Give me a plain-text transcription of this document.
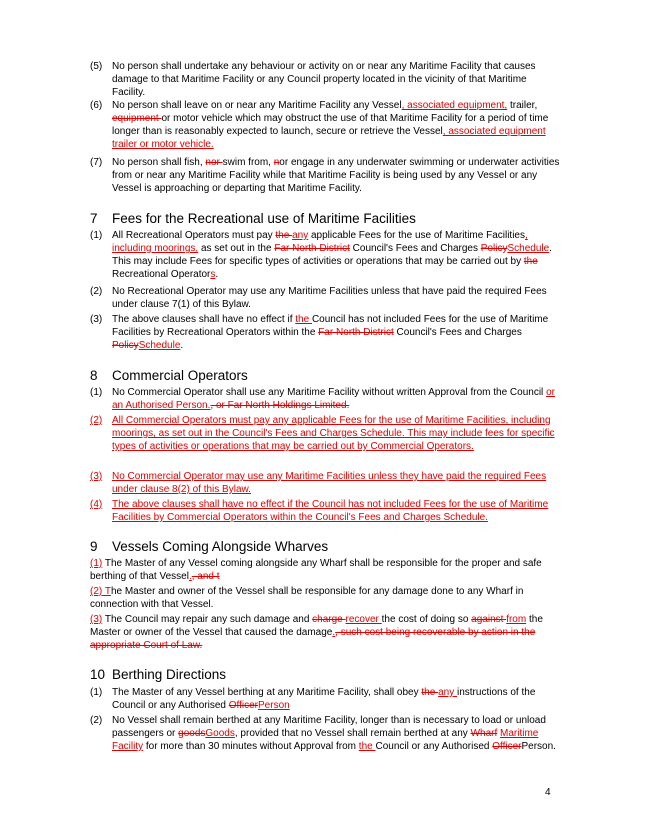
(5) No person shall undertake any behaviour or activity on or near any Maritime Facility that causes damage to that Maritime Facility or any Council property located in the vicinity of that Maritime Facility.
(6) No person shall leave on or near any Maritime Facility any Vessel, associated equipment, trailer, equipment or motor vehicle which may obstruct the use of that Maritime Facility for a period of time longer than is reasonably expected to launch, secure or retrieve the Vessel, associated equipment trailer or motor vehicle.
(7) No person shall fish, nor swim from, nor engage in any underwater swimming or underwater activities from or near any Maritime Facility while that Maritime Facility is being used by any Vessel or any Vessel is approaching or departing that Maritime Facility.
7 Fees for the Recreational use of Maritime Facilities
(1) All Recreational Operators must pay the any applicable Fees for the use of Maritime Facilities, including moorings, as set out in the Far North District Council's Fees and Charges PolicySchedule. This may include Fees for specific types of activities or operations that may be carried out by the Recreational Operators.
(2) No Recreational Operator may use any Maritime Facilities unless that have paid the required Fees under clause 7(1) of this Bylaw.
(3) The above clauses shall have no effect if the Council has not included Fees for the use of Maritime Facilities by Recreational Operators within the Far North District Council's Fees and Charges PolicySchedule.
8 Commercial Operators
(1) No Commercial Operator shall use any Maritime Facility without written Approval from the Council or an Authorised Person., or Far North Holdings Limited.
(2) All Commercial Operators must pay any applicable Fees for the use of Maritime Facilities, including moorings, as set out in the Council's Fees and Charges Schedule. This may include fees for specific types of activities or operations that may be carried out by Commercial Operators.
(3) No Commercial Operator may use any Maritime Facilities unless they have paid the required Fees under clause 8(2) of this Bylaw.
(4) The above clauses shall have no effect if the Council has not included Fees for the use of Maritime Facilities by Commercial Operators within the Council's Fees and Charges Schedule.
9 Vessels Coming Alongside Wharves
(1) The Master of any Vessel coming alongside any Wharf shall be responsible for the proper and safe berthing of that Vessel., and t
(2) The Master and owner of the Vessel shall be responsible for any damage done to any Wharf in connection with that Vessel.
(3) The Council may repair any such damage and charge recover the cost of doing so against from the Master or owner of the Vessel that caused the damage., such cost being recoverable by action in the appropriate Court of Law.
10 Berthing Directions
(1) The Master of any Vessel berthing at any Maritime Facility, shall obey the any instructions of the Council or any Authorised OfficerPerson
(2) No Vessel shall remain berthed at any Maritime Facility, longer than is necessary to load or unload passengers or goodsGoods, provided that no Vessel shall remain berthed at any Wharf Maritime Facility for more than 30 minutes without Approval from the Council or any Authorised OfficerPerson.
4
